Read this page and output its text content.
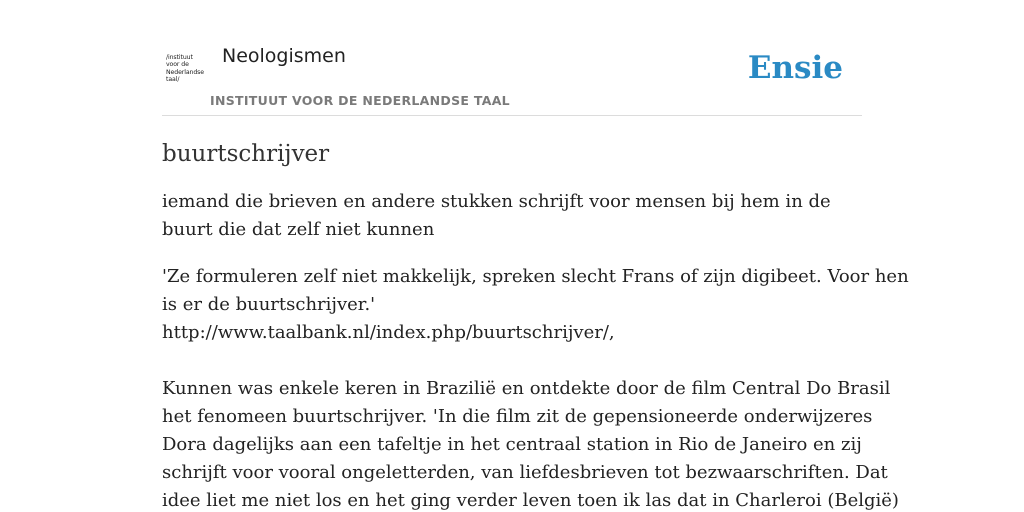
/instituut
voor de
Nederlandse
taal/
Neologismen
INSTITUUT VOOR DE NEDERLANDSE TAAL
Ensie
buurtschrijver

iemand die brieven en andere stukken schrijft voor mensen bij hem in de buurt die dat zelf niet kunnen

'Ze formuleren zelf niet makkelijk, spreken slecht Frans of zijn digibeet. Voor hen
is er de buurtschrijver.'
http://www.taalbank.nl/index.php/buurtschrijver/,
Kunnen was enkele keren in Brazilië en ontdekte door de film Central Do Brasil
het fenomeen buurtschrijver. 'In die film zit de gepensioneerde onderwijzeres
Dora dagelijks aan een tafeltje in het centraal station in Rio de Janeiro en zij
schrijft voor vooral ongeletterden, van liefdesbrieven tot bezwaarschriften. Dat
idee liet me niet los en het ging verder leven toen ik las dat in Charleroi (België)
